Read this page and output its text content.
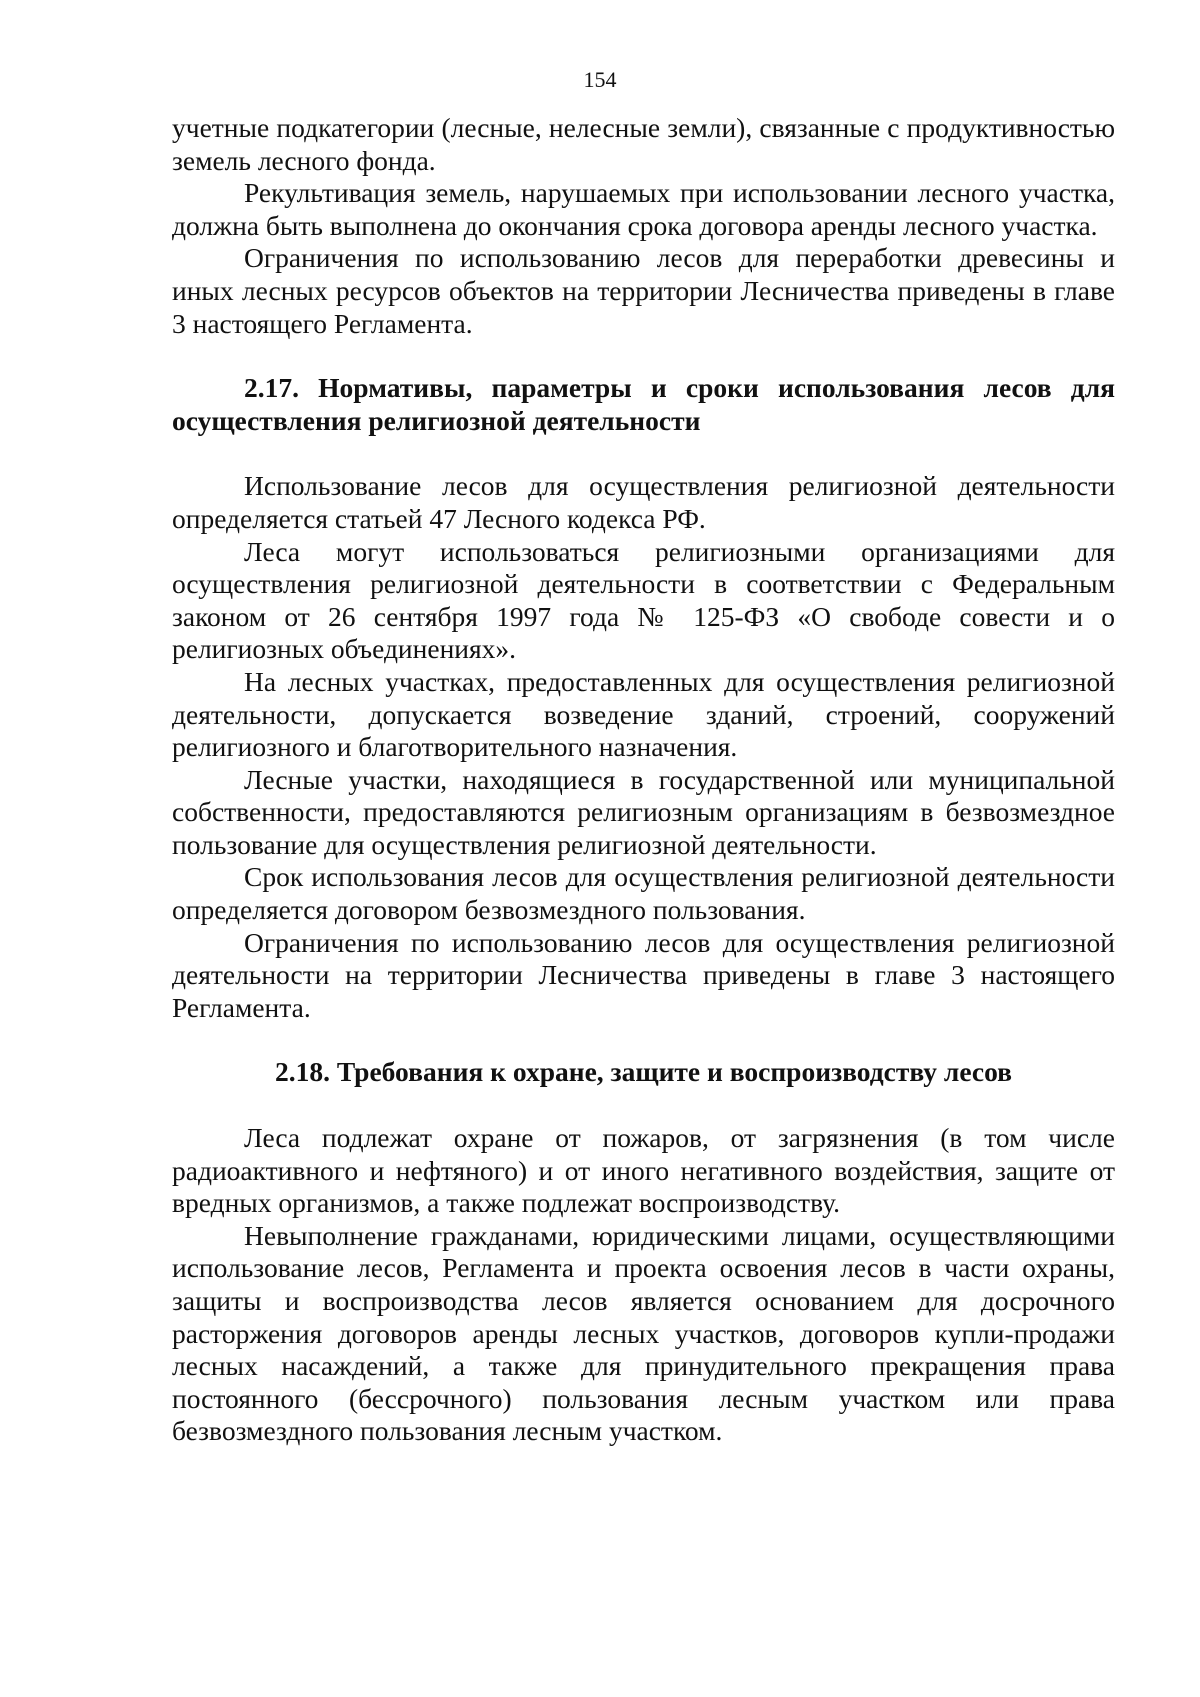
154

учетные подкатегории (лесные, нелесные земли), связанные с продуктивностью земель лесного фонда.

Рекультивация земель, нарушаемых при использовании лесного участка, должна быть выполнена до окончания срока договора аренды лесного участка.

Ограничения по использованию лесов для переработки древесины и иных лесных ресурсов объектов на территории Лесничества приведены в главе 3 настоящего Регламента.

2.17. Нормативы, параметры и сроки использования лесов для осуществления религиозной деятельности

Использование лесов для осуществления религиозной деятельности определяется статьей 47 Лесного кодекса РФ.

Леса могут использоваться религиозными организациями для осуществления религиозной деятельности в соответствии с Федеральным законом от 26 сентября 1997 года № 125-ФЗ «О свободе совести и о религиозных объединениях».

На лесных участках, предоставленных для осуществления религиозной деятельности, допускается возведение зданий, строений, сооружений религиозного и благотворительного назначения.

Лесные участки, находящиеся в государственной или муниципальной собственности, предоставляются религиозным организациям в безвозмездное пользование для осуществления религиозной деятельности.

Срок использования лесов для осуществления религиозной деятельности определяется договором безвозмездного пользования.

Ограничения по использованию лесов для осуществления религиозной деятельности на территории Лесничества приведены в главе 3 настоящего Регламента.

2.18. Требования к охране, защите и воспроизводству лесов

Леса подлежат охране от пожаров, от загрязнения (в том числе радиоактивного и нефтяного) и от иного негативного воздействия, защите от вредных организмов, а также подлежат воспроизводству.

Невыполнение гражданами, юридическими лицами, осуществляющими использование лесов, Регламента и проекта освоения лесов в части охраны, защиты и воспроизводства лесов является основанием для досрочного расторжения договоров аренды лесных участков, договоров купли-продажи лесных насаждений, а также для принудительного прекращения права постоянного (бессрочного) пользования лесным участком или права безвозмездного пользования лесным участком.
